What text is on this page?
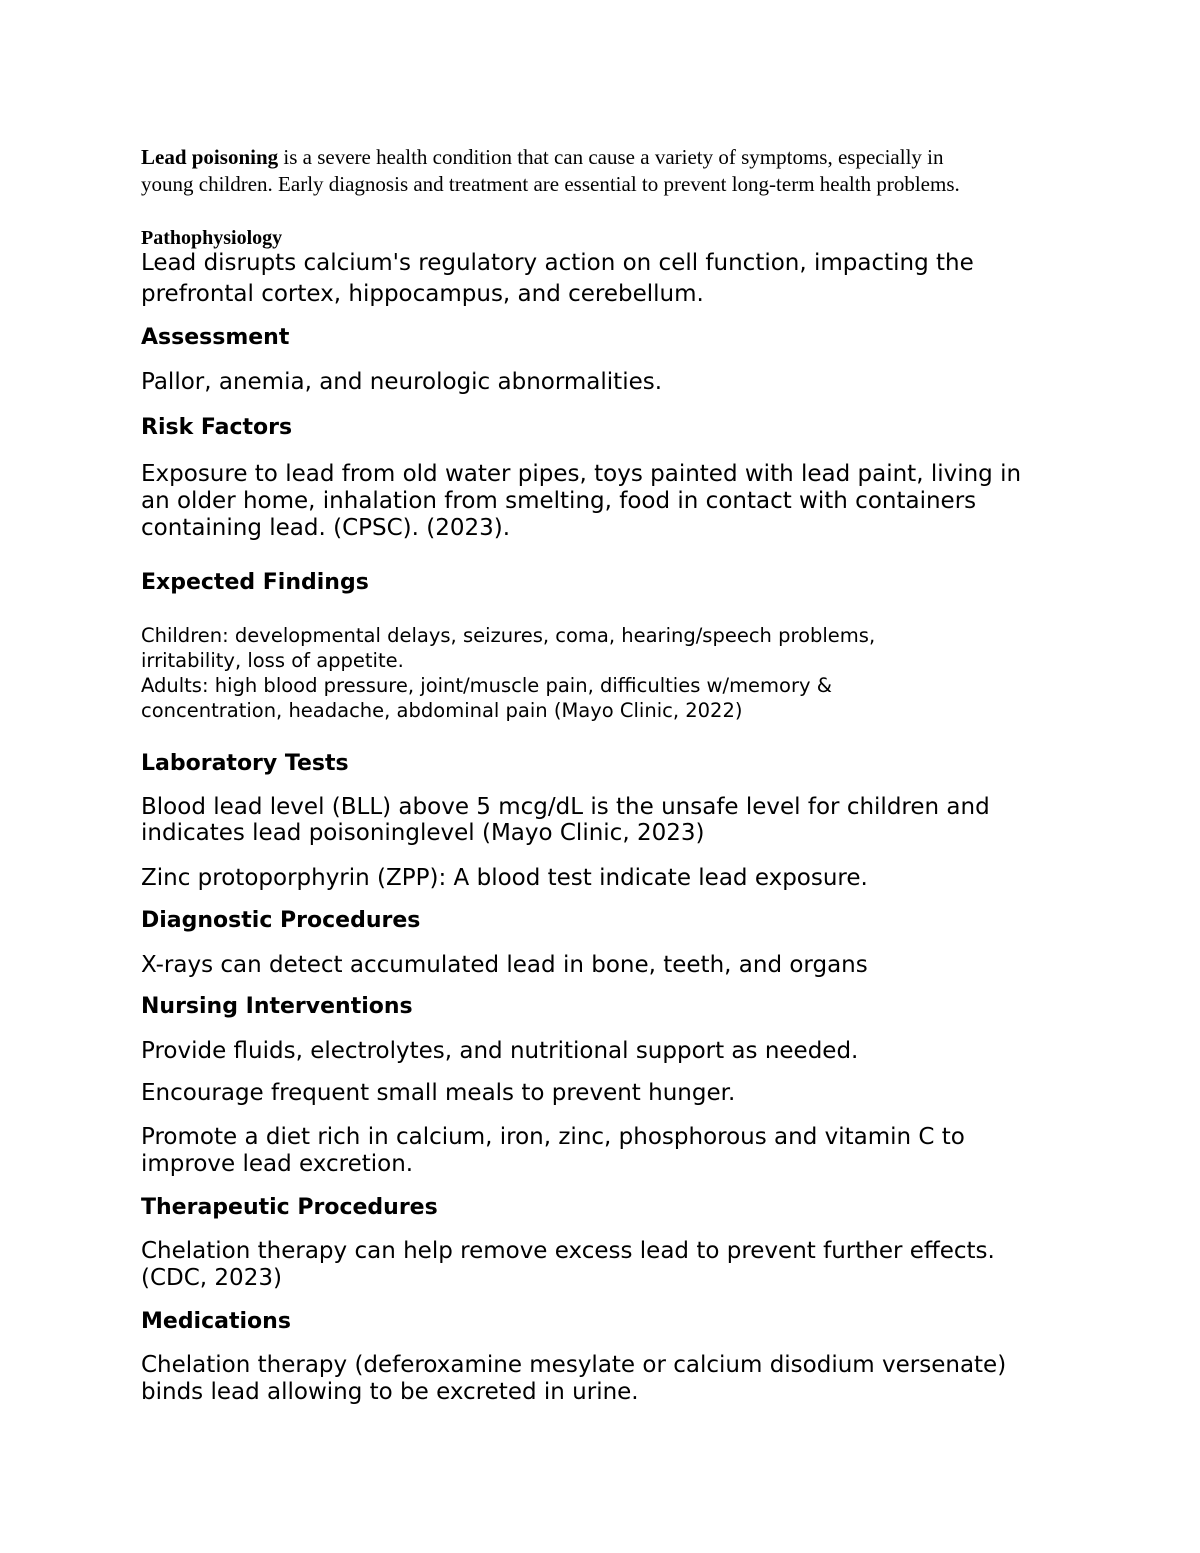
Lead poisoning is a severe health condition that can cause a variety of symptoms, especially in
young children. Early diagnosis and treatment are essential to prevent long-term health problems.
Pathophysiology
Lead disrupts calcium's regulatory action on cell function, impacting the
prefrontal cortex, hippocampus, and cerebellum.
Assessment
Pallor, anemia, and neurologic abnormalities.
Risk Factors
Exposure to lead from old water pipes, toys painted with lead paint, living in
an older home, inhalation from smelting, food in contact with containers
containing lead. (CPSC). (2023).
Expected Findings
Children: developmental delays, seizures, coma, hearing/speech problems,
irritability, loss of appetite.
Adults: high blood pressure, joint/muscle pain, difficulties w/memory &
concentration, headache, abdominal pain (Mayo Clinic, 2022)
Laboratory Tests
Blood lead level (BLL) above 5 mcg/dL is the unsafe level for children and
indicates lead poisoninglevel (Mayo Clinic, 2023)
Zinc protoporphyrin (ZPP): A blood test indicate lead exposure.
Diagnostic Procedures
X-rays can detect accumulated lead in bone, teeth, and organs
Nursing Interventions
Provide fluids, electrolytes, and nutritional support as needed.
Encourage frequent small meals to prevent hunger.
Promote a diet rich in calcium, iron, zinc, phosphorous and vitamin C to
improve lead excretion.
Therapeutic Procedures
Chelation therapy can help remove excess lead to prevent further effects.
(CDC, 2023)
Medications
Chelation therapy (deferoxamine mesylate or calcium disodium versenate)
binds lead allowing to be excreted in urine.
